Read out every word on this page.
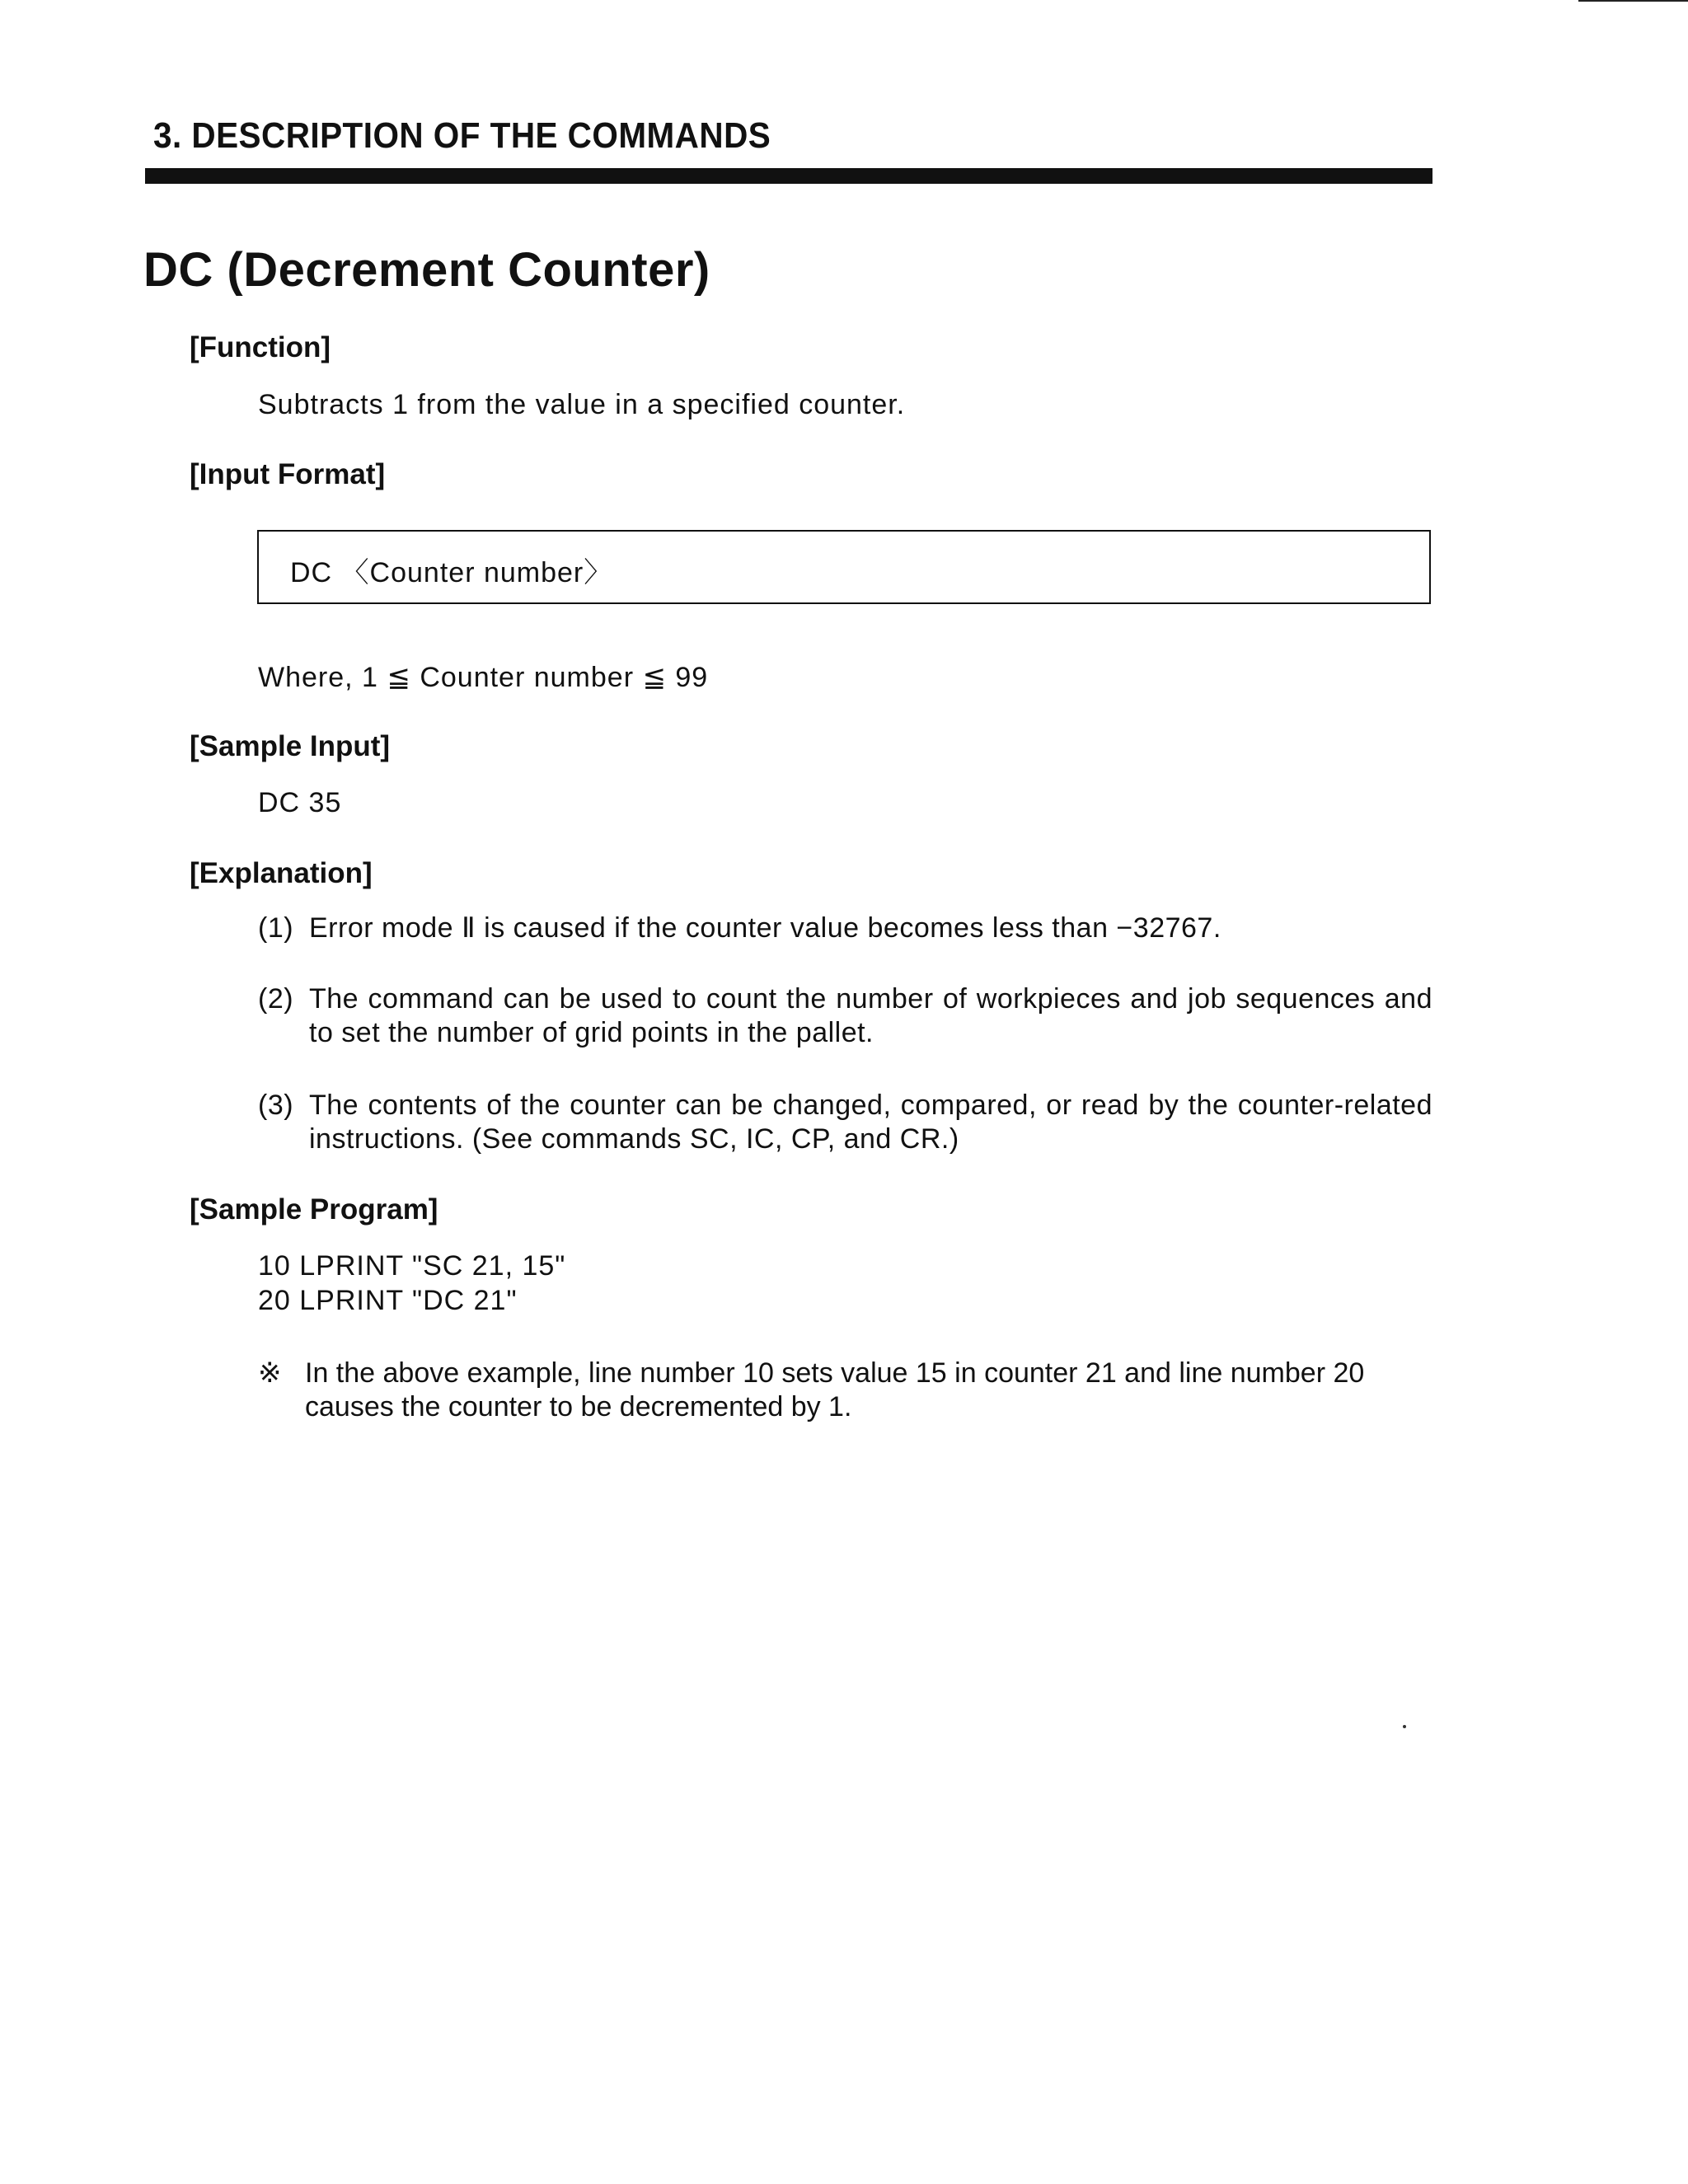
3. DESCRIPTION OF THE COMMANDS
DC (Decrement Counter)
[Function]
Subtracts 1 from the value in a specified counter.
[Input Format]
DC 〈Counter number〉
Where, 1 ≦ Counter number ≦ 99
[Sample Input]
DC 35
[Explanation]
(1) Error mode Ⅱ is caused if the counter value becomes less than −32767.
(2) The command can be used to count the number of workpieces and job sequences and to set the number of grid points in the pallet.
(3) The contents of the counter can be changed, compared, or read by the counter-related instructions. (See commands SC, IC, CP, and CR.)
[Sample Program]
10 LPRINT "SC 21, 15"
20 LPRINT "DC 21"
※ In the above example, line number 10 sets value 15 in counter 21 and line number 20 causes the counter to be decremented by 1.
